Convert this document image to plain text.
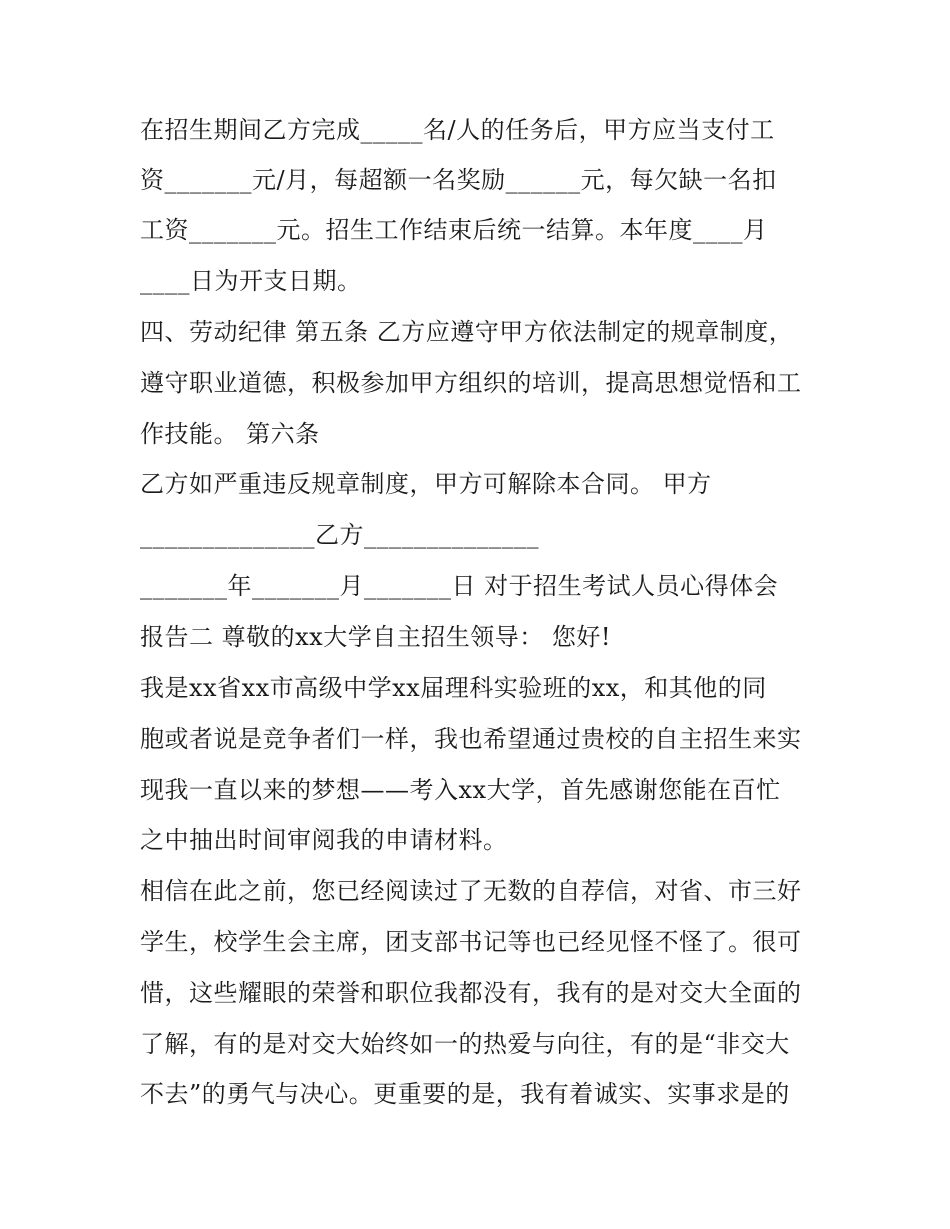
在招生期间乙方完成_____名/人的任务后，甲方应当支付工
资_______元/月，每超额一名奖励______元，每欠缺一名扣
工资_______元。招生工作结束后统一结算。本年度____月
____日为开支日期。
四、劳动纪律 第五条 乙方应遵守甲方依法制定的规章制度，
遵守职业道德，积极参加甲方组织的培训，提高思想觉悟和工
作技能。 第六条
乙方如严重违反规章制度，甲方可解除本合同。 甲方
______________乙方______________
_______年_______月_______日 对于招生考试人员心得体会
报告二 尊敬的xx大学自主招生领导： 您好!
我是xx省xx市高级中学xx届理科实验班的xx，和其他的同
胞或者说是竞争者们一样，我也希望通过贵校的自主招生来实
现我一直以来的梦想——考入xx大学，首先感谢您能在百忙
之中抽出时间审阅我的申请材料。
相信在此之前，您已经阅读过了无数的自荐信，对省、市三好
学生，校学生会主席，团支部书记等也已经见怪不怪了。很可
惜，这些耀眼的荣誉和职位我都没有，我有的是对交大全面的
了解，有的是对交大始终如一的热爱与向往，有的是“非交大
不去”的勇气与决心。更重要的是，我有着诚实、实事求是的
